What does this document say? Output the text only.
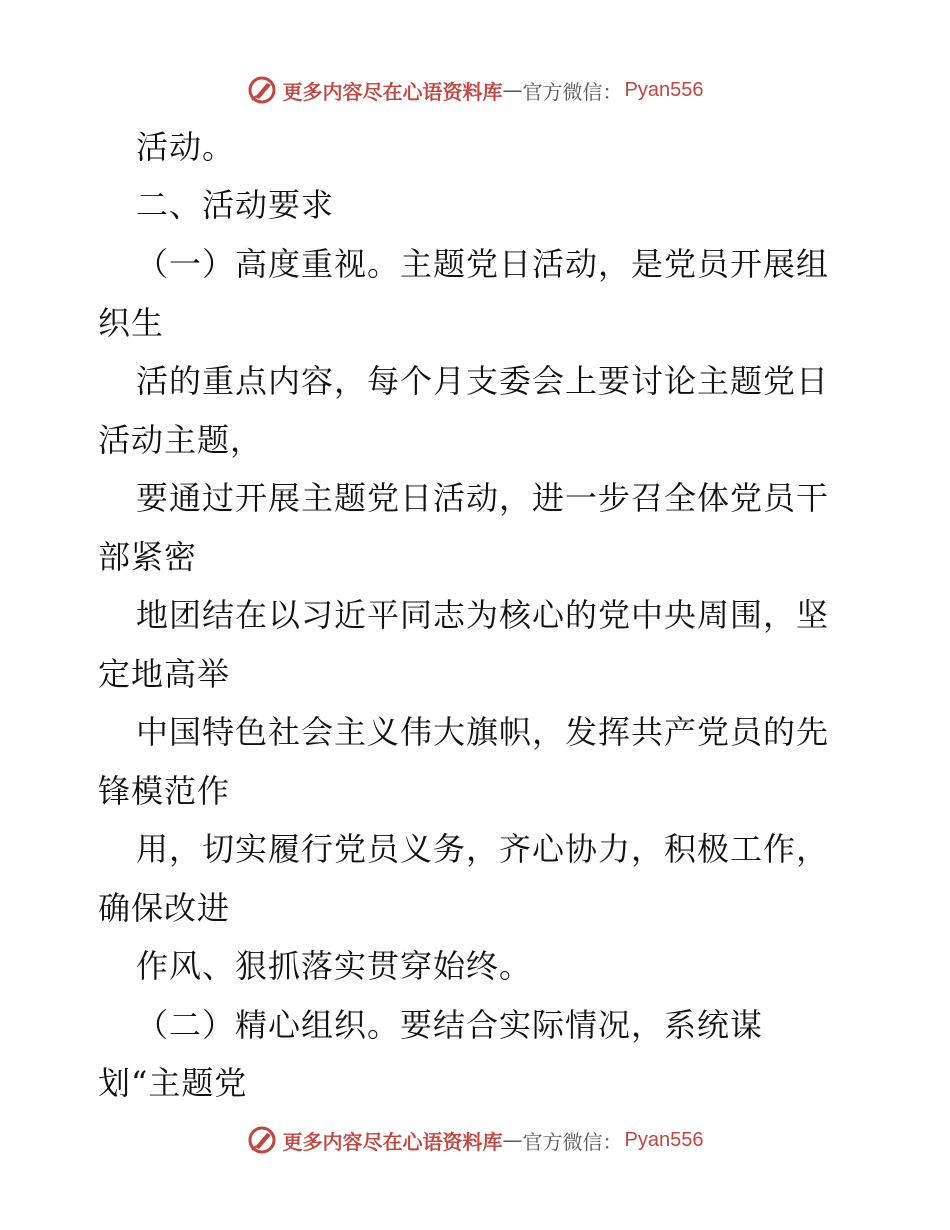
更多内容尽在心语资料库 — 官方微信： Pyan556
活动。
二、活动要求
（一）高度重视。主题党日活动，是党员开展组
织生
活的重点内容，每个月支委会上要讨论主题党日
活动主题，
要通过开展主题党日活动，进一步召全体党员干
部紧密
地团结在以习近平同志为核心的党中央周围，坚
定地高举
中国特色社会主义伟大旗帜，发挥共产党员的先
锋模范作
用，切实履行党员义务，齐心协力，积极工作，
确保改进
作风、狠抓落实贯穿始终。
（二）精心组织。要结合实际情况，系统谋
划“主题党
更多内容尽在心语资料库 — 官方微信： Pyan556
